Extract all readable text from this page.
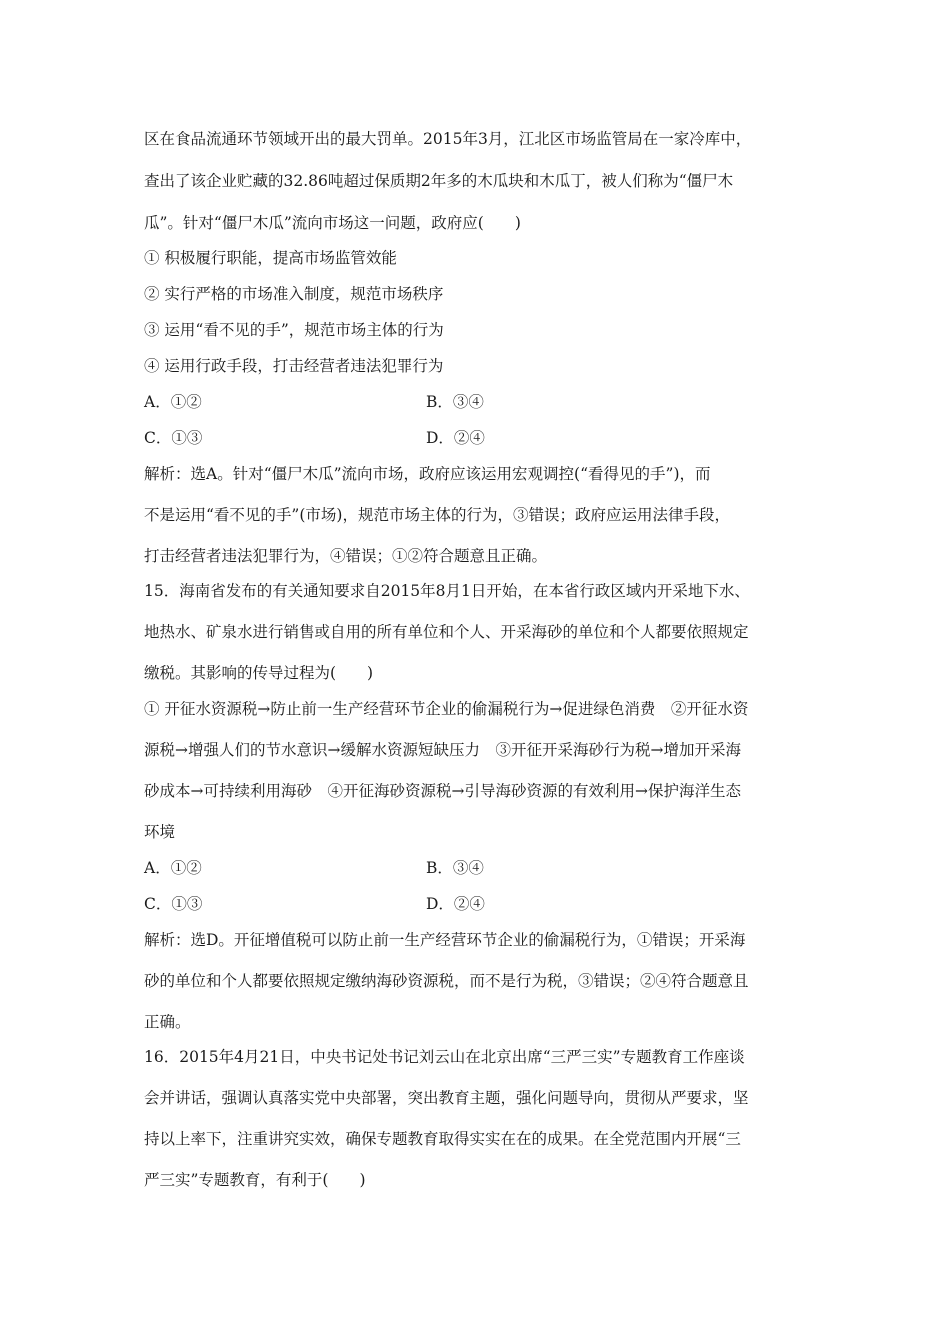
区在食品流通环节领域开出的最大罚单。2015年3月，江北区市场监管局在一家冷库中，
查出了该企业贮藏的32.86吨超过保质期2年多的木瓜块和木瓜丁，被人们称为“僵尸木
瓜”。针对“僵尸木瓜”流向市场这一问题，政府应(　　)
① 积极履行职能，提高市场监管效能
② 实行严格的市场准入制度，规范市场秩序
③ 运用“看不见的手”，规范市场主体的行为
④ 运用行政手段，打击经营者违法犯罪行为
A．①②	B．③④
C．①③	D．②④
解析：选A。针对“僵尸木瓜”流向市场，政府应该运用宏观调控(“看得见的手”)，而
不是运用“看不见的手”(市场)，规范市场主体的行为，③错误；政府应运用法律手段，
打击经营者违法犯罪行为，④错误；①②符合题意且正确。
15．海南省发布的有关通知要求自2015年8月1日开始，在本省行政区域内开采地下水、
地热水、矿泉水进行销售或自用的所有单位和个人、开采海砂的单位和个人都要依照规定
缴税。其影响的传导过程为(　　)
① 开征水资源税→防止前一生产经营环节企业的偷漏税行为→促进绿色消费　②开征水资
源税→增强人们的节水意识→缓解水资源短缺压力　③开征开采海砂行为税→增加开采海
砂成本→可持续利用海砂　④开征海砂资源税→引导海砂资源的有效利用→保护海洋生态
环境
A．①②	B．③④
C．①③	D．②④
解析：选D。开征增值税可以防止前一生产经营环节企业的偷漏税行为，①错误；开采海
砂的单位和个人都要依照规定缴纳海砂资源税，而不是行为税，③错误；②④符合题意且
正确。
16．2015年4月21日，中央书记处书记刘云山在北京出席“三严三实”专题教育工作座谈
会并讲话，强调认真落实党中央部署，突出教育主题，强化问题导向，贯彻从严要求，坚
持以上率下，注重讲究实效，确保专题教育取得实实在在的成果。在全党范围内开展“三
严三实”专题教育，有利于(　　)
